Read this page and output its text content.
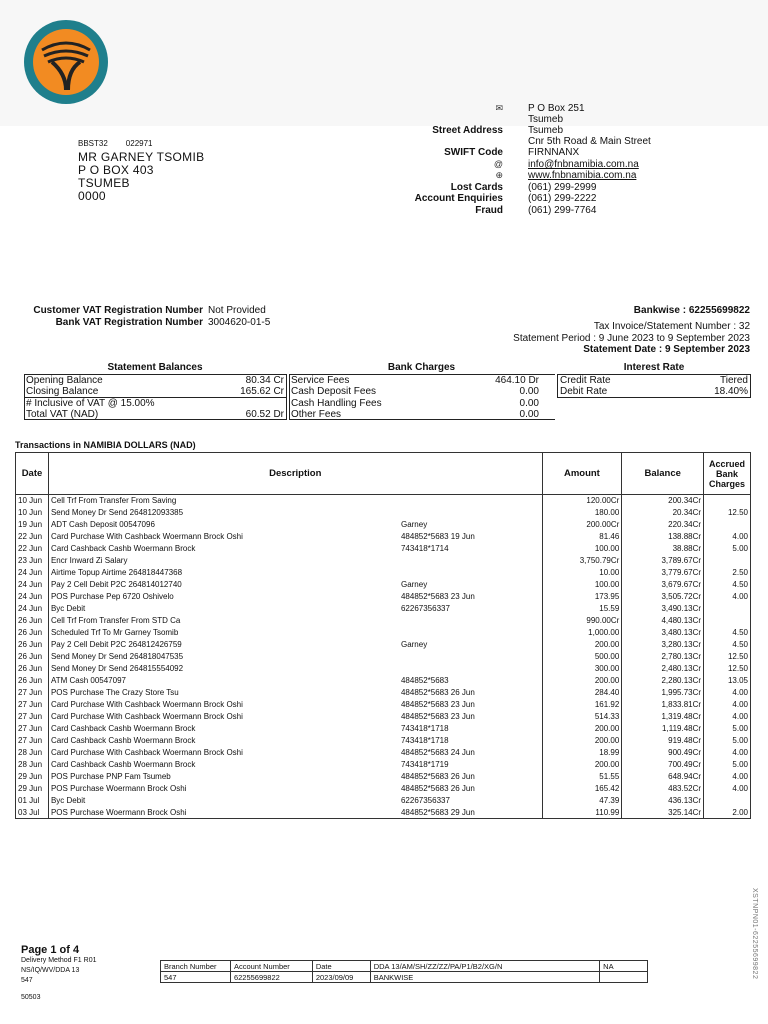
BBST32 022971
MR GARNEY TSOMIB
P O BOX 403
TSUMEB
0000
✉	P O Box 251
Tsumeb
Street Address	Tsumeb
Cnr 5th Road & Main Street
SWIFT Code	FIRNNANX
@	info@fnbnamibia.com.na
⊕	www.fnbnamibia.com.na
Lost Cards	(061) 299-2999
Account Enquiries	(061) 299-2222
Fraud	(061) 299-7764
Customer VAT Registration Number Not Provided
Bank VAT Registration Number 3004620-01-5
Bankwise : 62255699822
Tax Invoice/Statement Number : 32
Statement Period : 9 June 2023 to 9 September 2023
Statement Date : 9 September 2023
Statement Balances	Bank Charges	Interest Rate
Opening Balance	80.34 Cr
Closing Balance	165.62 Cr
# Inclusive of VAT @ 15.00%
Total VAT (NAD)	60.52 Dr
Service Fees	464.10 Dr
Cash Deposit Fees	0.00
Cash Handling Fees	0.00
Other Fees	0.00
Credit Rate	Tiered
Debit Rate	18.40%
Transactions in NAMIBIA DOLLARS (NAD)
Date	Description	Amount	Balance	Accrued Bank Charges
10 Jun	Cell Trf From Transfer From Saving	120.00Cr	200.34Cr	
10 Jun	Send Money Dr Send 264812093385	180.00	20.34Cr	12.50
19 Jun	ADT Cash Deposit 00547096 Garney	200.00Cr	220.34Cr	
22 Jun	Card Purchase With Cashback Woermann Brock Oshi 484852*5683 19 Jun	81.46	138.88Cr	4.00
22 Jun	Card Cashback Cashb Woermann Brock 743418*1714	100.00	38.88Cr	5.00
23 Jun	Encr Inward Zi Salary	3,750.79Cr	3,789.67Cr	
24 Jun	Airtime Topup Airtime 264818447368	10.00	3,779.67Cr	2.50
24 Jun	Pay 2 Cell Debit P2C 264814012740 Garney	100.00	3,679.67Cr	4.50
24 Jun	POS Purchase Pep 6720 Oshivelo 484852*5683 23 Jun	173.95	3,505.72Cr	4.00
24 Jun	Byc Debit 62267356337	15.59	3,490.13Cr	
26 Jun	Cell Trf From Transfer From STD Ca	990.00Cr	4,480.13Cr	
26 Jun	Scheduled Trf To Mr Garney Tsomib	1,000.00	3,480.13Cr	4.50
26 Jun	Pay 2 Cell Debit P2C 264812426759 Garney	200.00	3,280.13Cr	4.50
26 Jun	Send Money Dr Send 264818047535	500.00	2,780.13Cr	12.50
26 Jun	Send Money Dr Send 264815554092	300.00	2,480.13Cr	12.50
26 Jun	ATM Cash 00547097 484852*5683	200.00	2,280.13Cr	13.05
27 Jun	POS Purchase The Crazy Store Tsu 484852*5683 26 Jun	284.40	1,995.73Cr	4.00
27 Jun	Card Purchase With Cashback Woermann Brock Oshi 484852*5683 23 Jun	161.92	1,833.81Cr	4.00
27 Jun	Card Purchase With Cashback Woermann Brock Oshi 484852*5683 23 Jun	514.33	1,319.48Cr	4.00
27 Jun	Card Cashback Cashb Woermann Brock 743418*1718	200.00	1,119.48Cr	5.00
27 Jun	Card Cashback Cashb Woermann Brock 743418*1718	200.00	919.48Cr	5.00
28 Jun	Card Purchase With Cashback Woermann Brock Oshi 484852*5683 24 Jun	18.99	900.49Cr	4.00
28 Jun	Card Cashback Cashb Woermann Brock 743418*1719	200.00	700.49Cr	5.00
29 Jun	POS Purchase PNP Fam Tsumeb 484852*5683 26 Jun	51.55	648.94Cr	4.00
29 Jun	POS Purchase Woermann Brock Oshi 484852*5683 26 Jun	165.42	483.52Cr	4.00
01 Jul	Byc Debit 62267356337	47.39	436.13Cr	
03 Jul	POS Purchase Woermann Brock Oshi 484852*5683 29 Jun	110.99	325.14Cr	2.00
Page 1 of 4
Delivery Method F1 R01
NS/IQ/WV/DDA 13
547
50503
Branch Number	Account Number	Date	DDA 13/AM/SH/ZZ/ZZ/PA/P1/B2/XG/N	NA
547	62255699822	2023/09/09	BANKWISE		XSTNPN01-62255699822
